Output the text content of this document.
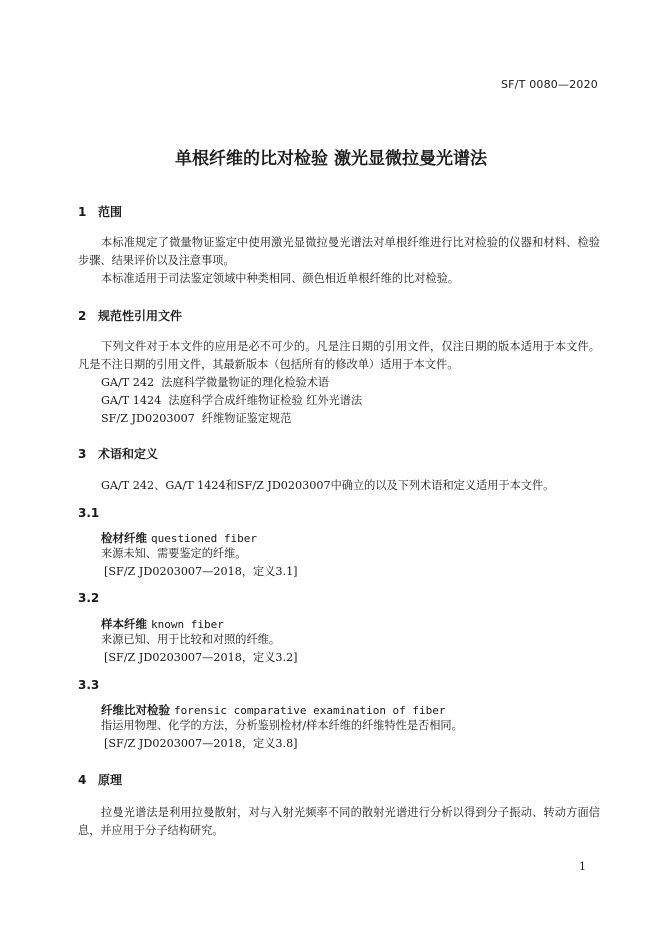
SF/T 0080—2020
单根纤维的比对检验 激光显微拉曼光谱法
1 范围
本标准规定了微量物证鉴定中使用激光显微拉曼光谱法对单根纤维进行比对检验的仪器和材料、检验步骤、结果评价以及注意事项。
本标准适用于司法鉴定领域中种类相同、颜色相近单根纤维的比对检验。
2 规范性引用文件
下列文件对于本文件的应用是必不可少的。凡是注日期的引用文件，仅注日期的版本适用于本文件。凡是不注日期的引用文件，其最新版本（包括所有的修改单）适用于本文件。
GA/T 242  法庭科学微量物证的理化检验术语
GA/T 1424  法庭科学合成纤维物证检验 红外光谱法
SF/Z JD0203007  纤维物证鉴定规范
3 术语和定义
GA/T 242、GA/T 1424和SF/Z JD0203007中确立的以及下列术语和定义适用于本文件。
3.1
检材纤维 questioned fiber
来源未知、需要鉴定的纤维。
[SF/Z JD0203007—2018，定义3.1]
3.2
样本纤维 known fiber
来源已知、用于比较和对照的纤维。
[SF/Z JD0203007—2018，定义3.2]
3.3
纤维比对检验 forensic comparative examination of fiber
指运用物理、化学的方法，分析鉴别检材/样本纤维的纤维特性是否相同。
[SF/Z JD0203007—2018，定义3.8]
4 原理
拉曼光谱法是利用拉曼散射，对与入射光频率不同的散射光谱进行分析以得到分子振动、转动方面信息，并应用于分子结构研究。
1
